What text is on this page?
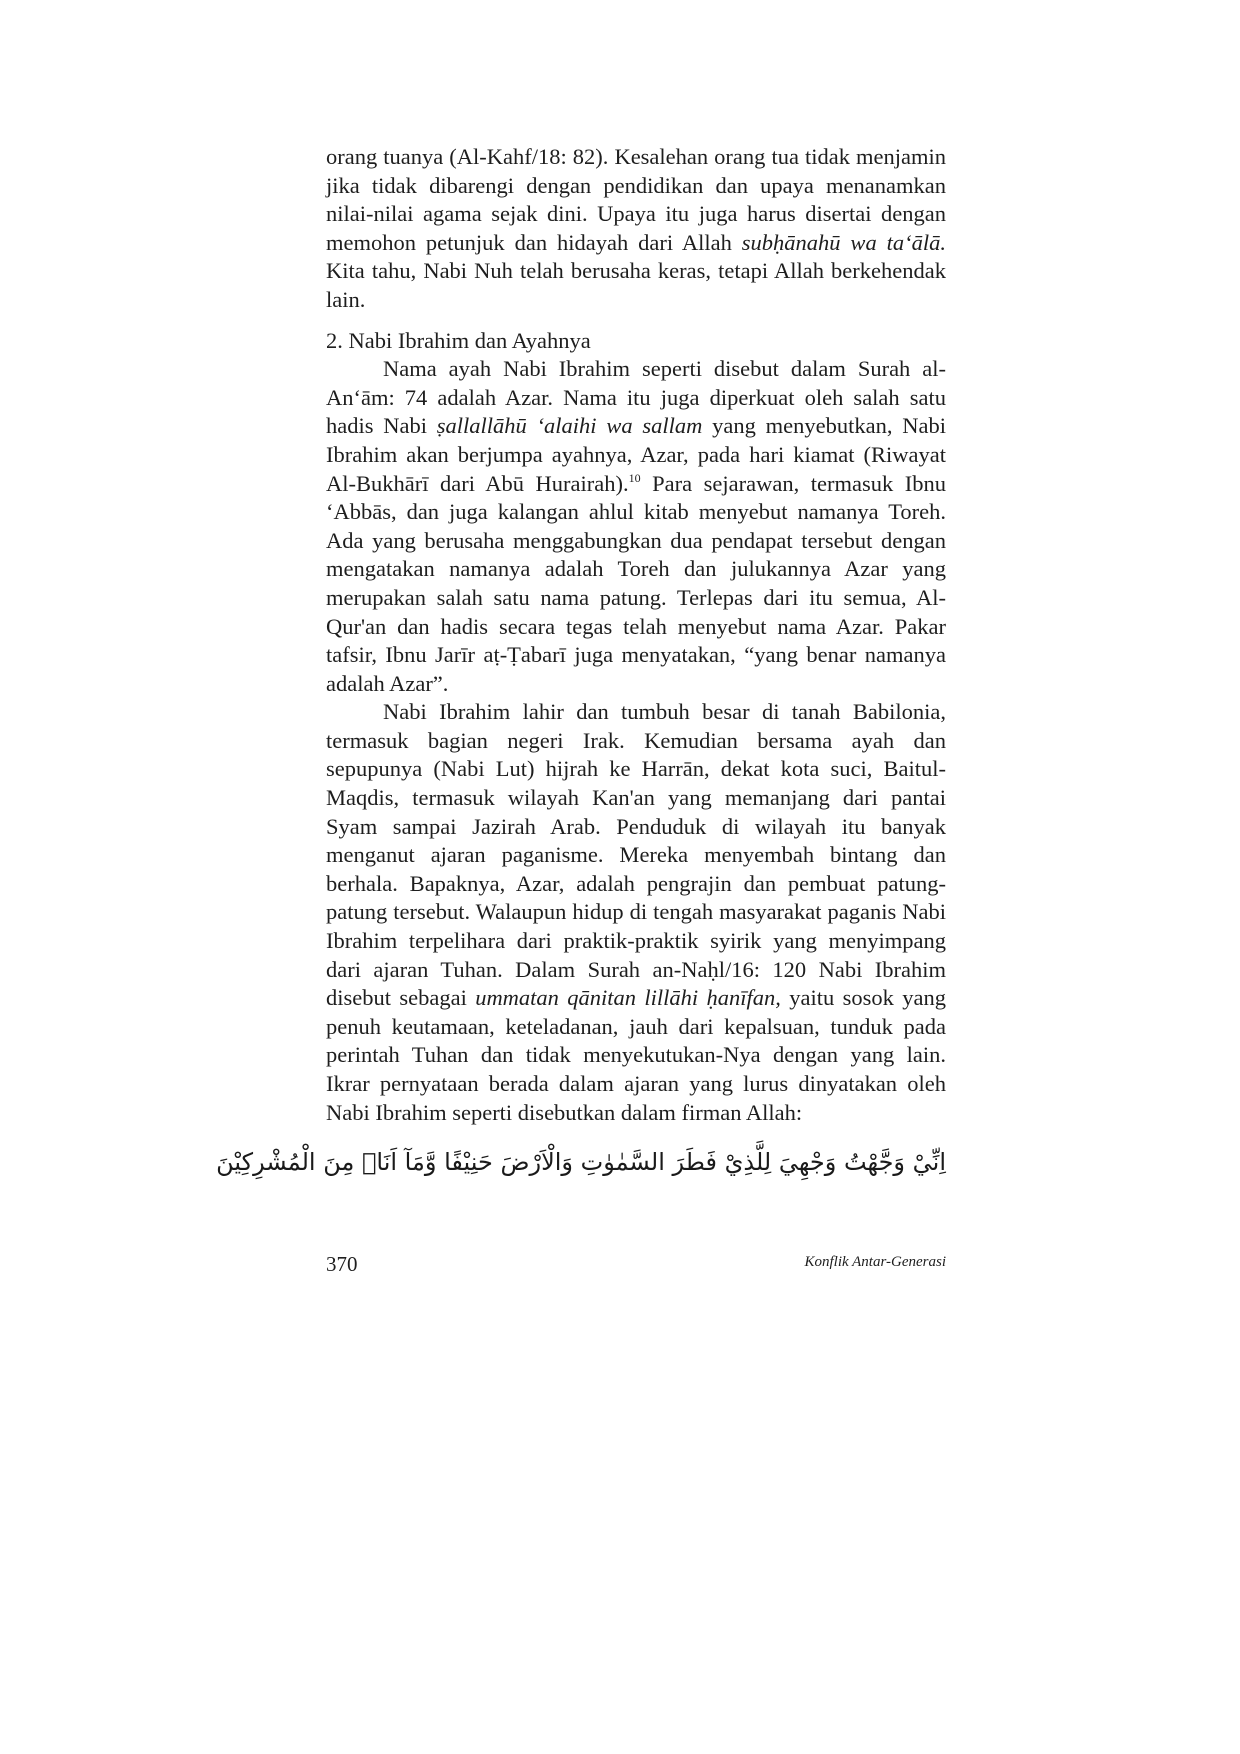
orang tuanya (Al-Kahf/18: 82). Kesalehan orang tua tidak menjamin jika tidak dibarengi dengan pendidikan dan upaya menanamkan nilai-nilai agama sejak dini. Upaya itu juga harus disertai dengan memohon petunjuk dan hidayah dari Allah subḥānahū wa ta‘ālā. Kita tahu, Nabi Nuh telah berusaha keras, tetapi Allah berkehendak lain.

2. Nabi Ibrahim dan Ayahnya

Nama ayah Nabi Ibrahim seperti disebut dalam Surah al-An‘ām: 74 adalah Azar. Nama itu juga diperkuat oleh salah satu hadis Nabi ṣallallāhū ‘alaihi wa sallam yang menyebutkan, Nabi Ibrahim akan berjumpa ayahnya, Azar, pada hari kiamat (Riwayat Al-Bukhārī dari Abū Hurairah).$^{10}$ Para sejarawan, termasuk Ibnu ‘Abbās, dan juga kalangan ahlul kitab menyebut namanya Toreh. Ada yang berusaha menggabungkan dua pendapat tersebut dengan mengatakan namanya adalah Toreh dan julukannya Azar yang merupakan salah satu nama patung. Terlepas dari itu semua, Al-Qur'an dan hadis secara tegas telah menyebut nama Azar. Pakar tafsir, Ibnu Jarīr aṭ-Ṭabarī juga menyatakan, “yang benar namanya adalah Azar”.

Nabi Ibrahim lahir dan tumbuh besar di tanah Babilonia, termasuk bagian negeri Irak. Kemudian bersama ayah dan sepupunya (Nabi Lut) hijrah ke Harrān, dekat kota suci, Baitul-Maqdis, termasuk wilayah Kan'an yang memanjang dari pantai Syam sampai Jazirah Arab. Penduduk di wilayah itu banyak menganut ajaran paganisme. Mereka menyembah bintang dan berhala. Bapaknya, Azar, adalah pengrajin dan pembuat patung-patung tersebut. Walaupun hidup di tengah masyarakat paganis Nabi Ibrahim terpelihara dari praktik-praktik syirik yang menyimpang dari ajaran Tuhan. Dalam Surah an-Naḥl/16: 120 Nabi Ibrahim disebut sebagai ummatan qānitan lillāhi ḥanīfan, yaitu sosok yang penuh keutamaan, keteladanan, jauh dari kepalsuan, tunduk pada perintah Tuhan dan tidak menyekutukan-Nya dengan yang lain. Ikrar pernyataan berada dalam ajaran yang lurus dinyatakan oleh Nabi Ibrahim seperti disebutkan dalam firman Allah:

اِنِّيْ وَجَّهْتُ وَجْهِيَ لِلَّذِيْ فَطَرَ السَّمٰوٰتِ وَالْاَرْضَ حَنِيْفًا وَّمَآ اَنَا۠ مِنَ الْمُشْرِكِيْنَ

370	Konflik Antar-Generasi
